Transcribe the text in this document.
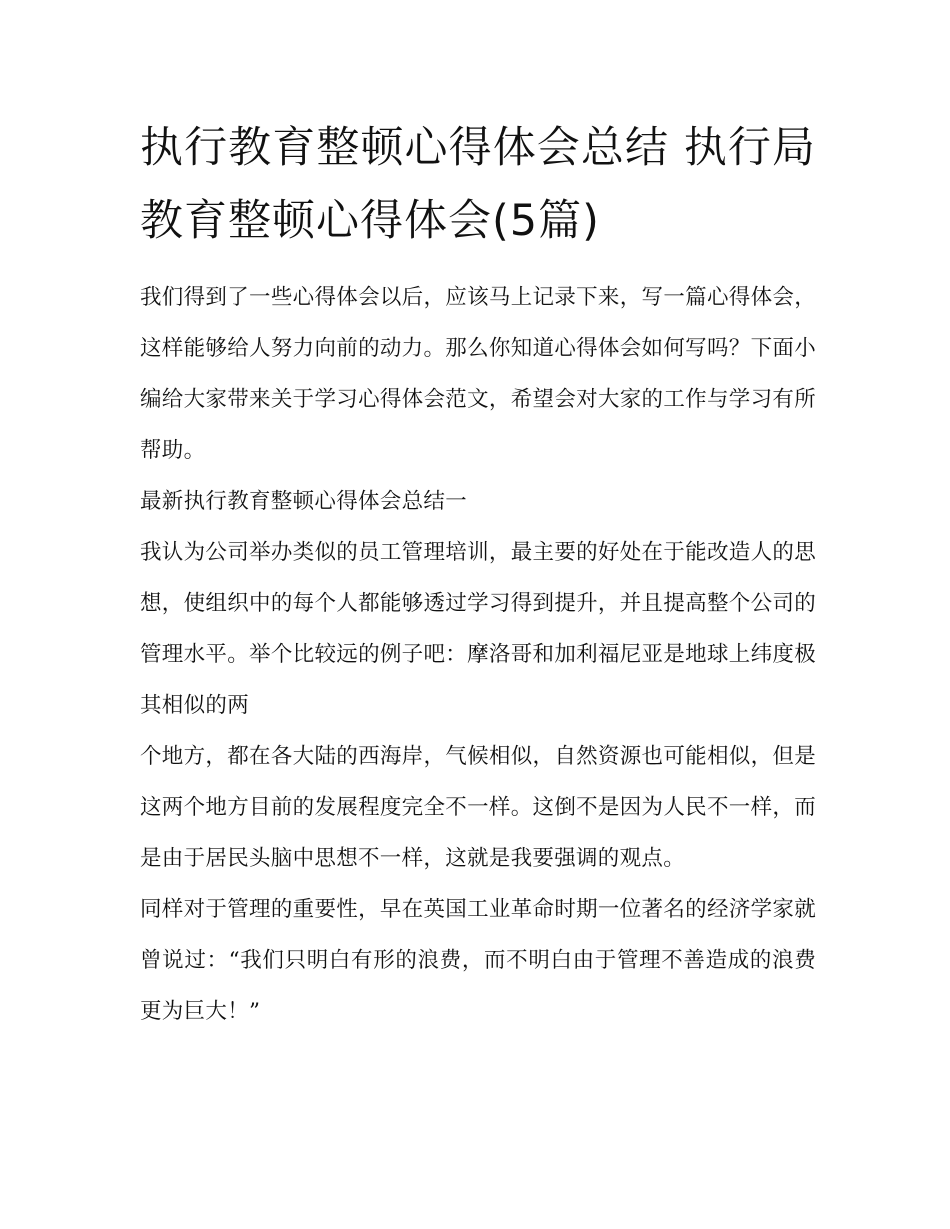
执行教育整顿心得体会总结 执行局教育整顿心得体会(5篇)

我们得到了一些心得体会以后，应该马上记录下来，写一篇心得体会，这样能够给人努力向前的动力。那么你知道心得体会如何写吗？下面小编给大家带来关于学习心得体会范文，希望会对大家的工作与学习有所帮助。

最新执行教育整顿心得体会总结一

我认为公司举办类似的员工管理培训，最主要的好处在于能改造人的思想，使组织中的每个人都能够透过学习得到提升，并且提高整个公司的管理水平。举个比较远的例子吧：摩洛哥和加利福尼亚是地球上纬度极其相似的两

个地方，都在各大陆的西海岸，气候相似，自然资源也可能相似，但是这两个地方目前的发展程度完全不一样。这倒不是因为人民不一样，而是由于居民头脑中思想不一样，这就是我要强调的观点。

同样对于管理的重要性，早在英国工业革命时期一位著名的经济学家就曾说过：“我们只明白有形的浪费，而不明白由于管理不善造成的浪费更为巨大！”
